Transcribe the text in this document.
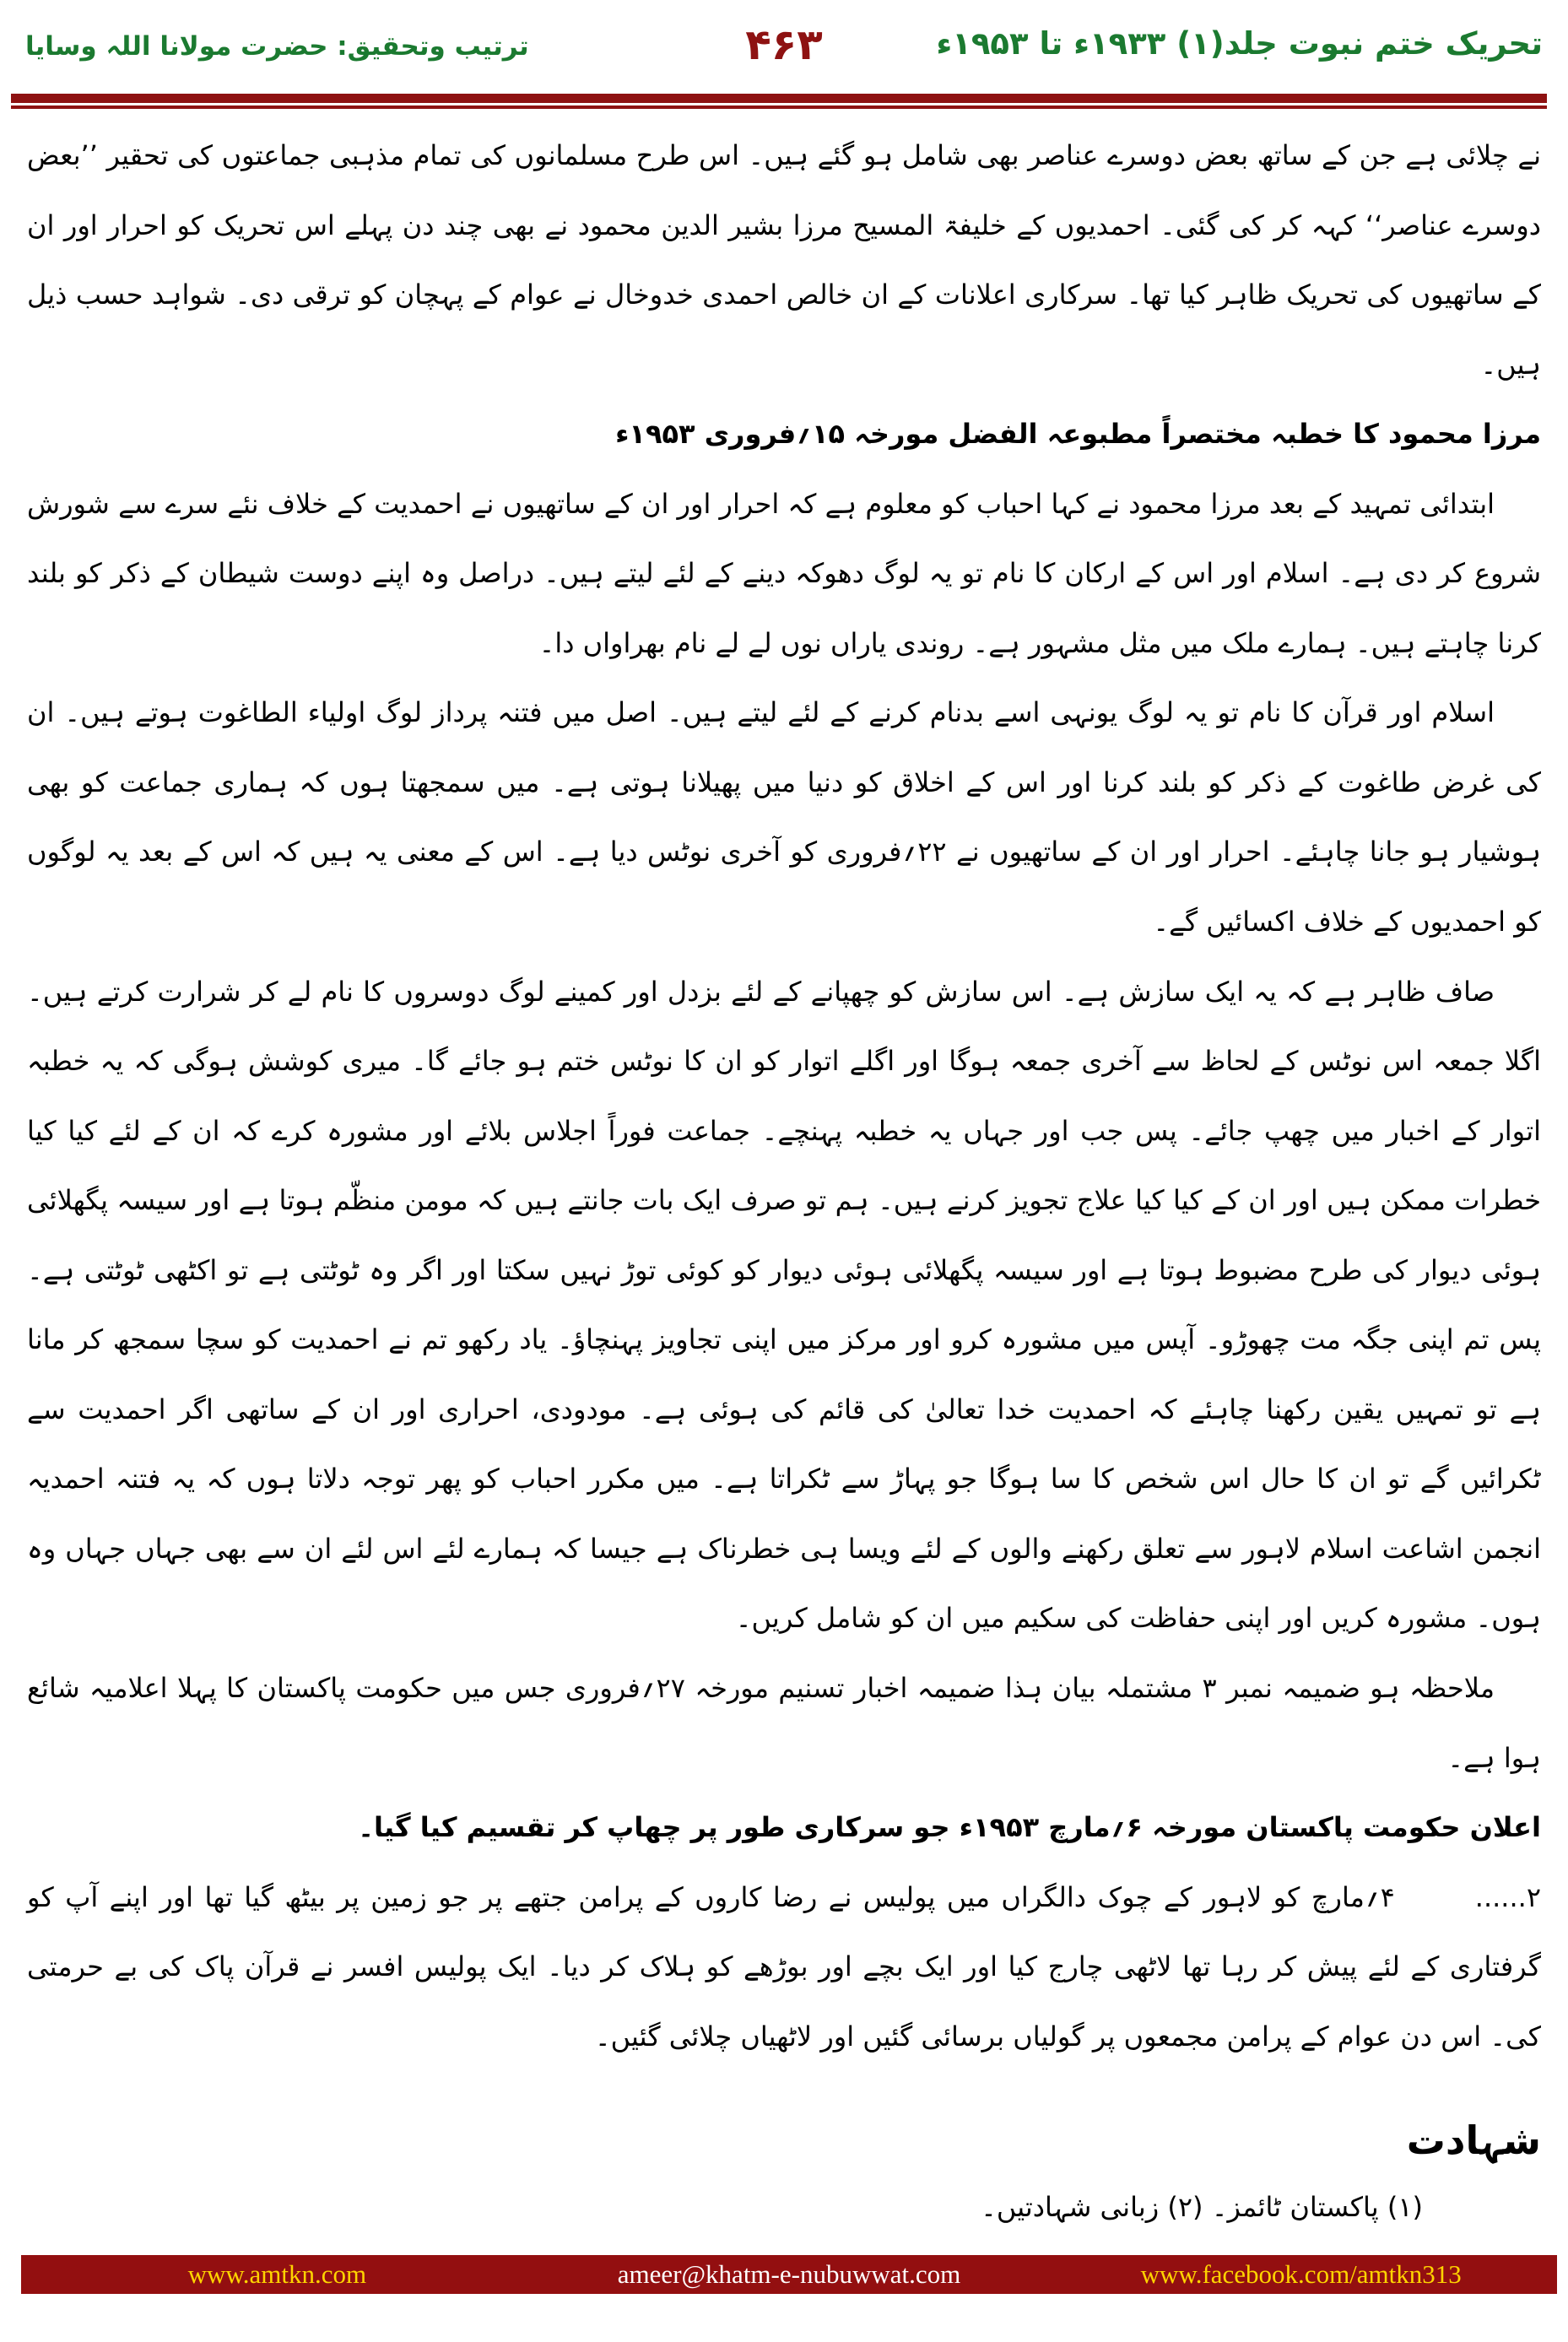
تحریک ختم نبوت جلد(۱) ۱۹۳۳ء تا ۱۹۵۳ء
۴۶۳
ترتیب وتحقیق: حضرت مولانا اللہ وسایا

نے چلائی ہے جن کے ساتھ بعض دوسرے عناصر بھی شامل ہو گئے ہیں۔ اس طرح مسلمانوں کی تمام مذہبی جماعتوں کی تحقیر ’’بعض دوسرے عناصر‘‘ کہہ کر کی گئی۔ احمدیوں کے خلیفۃ المسیح مرزا بشیر الدین محمود نے بھی چند دن پہلے اس تحریک کو احرار اور ان کے ساتھیوں کی تحریک ظاہر کیا تھا۔ سرکاری اعلانات کے ان خالص احمدی خدوخال نے عوام کے پہچان کو ترقی دی۔ شواہد حسب ذیل ہیں۔

مرزا محمود کا خطبہ مختصراً مطبوعہ الفضل مورخہ ۱۵؍فروری ۱۹۵۳ء

ابتدائی تمہید کے بعد مرزا محمود نے کہا احباب کو معلوم ہے کہ احرار اور ان کے ساتھیوں نے احمدیت کے خلاف نئے سرے سے شورش شروع کر دی ہے۔ اسلام اور اس کے ارکان کا نام تو یہ لوگ دھوکہ دینے کے لئے لیتے ہیں۔ دراصل وہ اپنے دوست شیطان کے ذکر کو بلند کرنا چاہتے ہیں۔ ہمارے ملک میں مثل مشہور ہے۔ روندی یاراں نوں لے لے نام بھراواں دا۔

اسلام اور قرآن کا نام تو یہ لوگ یونہی اسے بدنام کرنے کے لئے لیتے ہیں۔ اصل میں فتنہ پرداز لوگ اولیاء الطاغوت ہوتے ہیں۔ ان کی غرض طاغوت کے ذکر کو بلند کرنا اور اس کے اخلاق کو دنیا میں پھیلانا ہوتی ہے۔ میں سمجھتا ہوں کہ ہماری جماعت کو بھی ہوشیار ہو جانا چاہئے۔ احرار اور ان کے ساتھیوں نے ۲۲؍فروری کو آخری نوٹس دیا ہے۔ اس کے معنی یہ ہیں کہ اس کے بعد یہ لوگوں کو احمدیوں کے خلاف اکسائیں گے۔

صاف ظاہر ہے کہ یہ ایک سازش ہے۔ اس سازش کو چھپانے کے لئے بزدل اور کمینے لوگ دوسروں کا نام لے کر شرارت کرتے ہیں۔ اگلا جمعہ اس نوٹس کے لحاظ سے آخری جمعہ ہوگا اور اگلے اتوار کو ان کا نوٹس ختم ہو جائے گا۔ میری کوشش ہوگی کہ یہ خطبہ اتوار کے اخبار میں چھپ جائے۔ پس جب اور جہاں یہ خطبہ پہنچے۔ جماعت فوراً اجلاس بلائے اور مشورہ کرے کہ ان کے لئے کیا کیا خطرات ممکن ہیں اور ان کے کیا کیا علاج تجویز کرنے ہیں۔ ہم تو صرف ایک بات جانتے ہیں کہ مومن منظّم ہوتا ہے اور سیسہ پگھلائی ہوئی دیوار کی طرح مضبوط ہوتا ہے اور سیسہ پگھلائی ہوئی دیوار کو کوئی توڑ نہیں سکتا اور اگر وہ ٹوٹتی ہے تو اکٹھی ٹوٹتی ہے۔ پس تم اپنی جگہ مت چھوڑو۔ آپس میں مشورہ کرو اور مرکز میں اپنی تجاویز پہنچاؤ۔ یاد رکھو تم نے احمدیت کو سچا سمجھ کر مانا ہے تو تمہیں یقین رکھنا چاہئے کہ احمدیت خدا تعالیٰ کی قائم کی ہوئی ہے۔ مودودی، احراری اور ان کے ساتھی اگر احمدیت سے ٹکرائیں گے تو ان کا حال اس شخص کا سا ہوگا جو پہاڑ سے ٹکراتا ہے۔ میں مکرر احباب کو پھر توجہ دلاتا ہوں کہ یہ فتنہ احمدیہ انجمن اشاعت اسلام لاہور سے تعلق رکھنے والوں کے لئے ویسا ہی خطرناک ہے جیسا کہ ہمارے لئے اس لئے ان سے بھی جہاں جہاں وہ ہوں۔ مشورہ کریں اور اپنی حفاظت کی سکیم میں ان کو شامل کریں۔

ملاحظہ ہو ضمیمہ نمبر ۳ مشتملہ بیان ہذا ضمیمہ اخبار تسنیم مورخہ ۲۷؍فروری جس میں حکومت پاکستان کا پہلا اعلامیہ شائع ہوا ہے۔

اعلان حکومت پاکستان مورخہ ۶؍مارچ ۱۹۵۳ء جو سرکاری طور پر چھاپ کر تقسیم کیا گیا۔

۲......۴؍مارچ کو لاہور کے چوک دالگراں میں پولیس نے رضا کاروں کے پرامن جتھے پر جو زمین پر بیٹھ گیا تھا اور اپنے آپ کو گرفتاری کے لئے پیش کر رہا تھا لاٹھی چارج کیا اور ایک بچے اور بوڑھے کو ہلاک کر دیا۔ ایک پولیس افسر نے قرآن پاک کی بے حرمتی کی۔ اس دن عوام کے پرامن مجمعوں پر گولیاں برسائی گئیں اور لاٹھیاں چلائی گئیں۔

شہادت

(۱) پاکستان ٹائمز۔ (۲) زبانی شہادتیں۔

www.amtkn.com	ameer@khatm-e-nubuwwat.com	www.facebook.com/amtkn313
